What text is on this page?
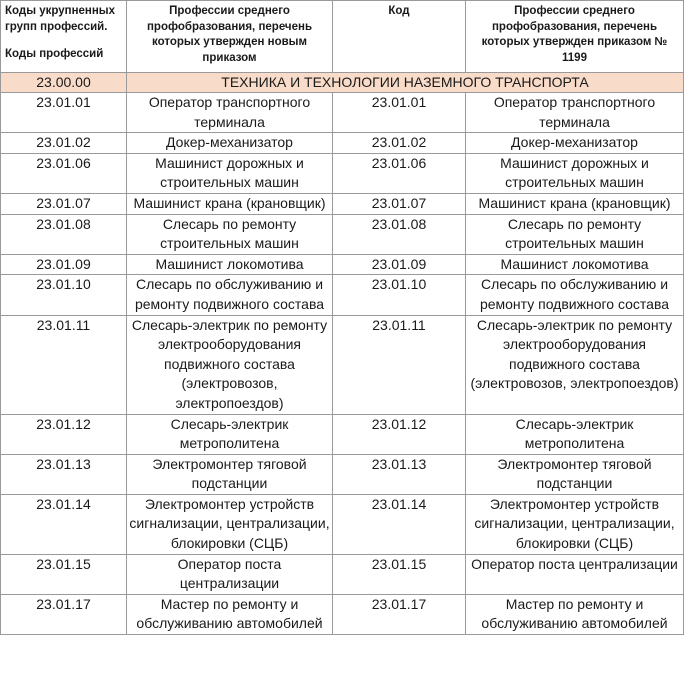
Коды укрупненных групп профессий.
Коды профессий	Профессии среднего профобразования, перечень которых утвержден новым приказом	Код	Профессии среднего профобразования, перечень которых утвержден приказом № 1199
23.00.00	ТЕХНИКА И ТЕХНОЛОГИИ НАЗЕМНОГО ТРАНСПОРТА		
23.01.01	Оператор транспортного терминала	23.01.01	Оператор транспортного терминала
23.01.02	Докер-механизатор	23.01.02	Докер-механизатор
23.01.06	Машинист дорожных и строительных машин	23.01.06	Машинист дорожных и строительных машин
23.01.07	Машинист крана (крановщик)	23.01.07	Машинист крана (крановщик)
23.01.08	Слесарь по ремонту строительных машин	23.01.08	Слесарь по ремонту строительных машин
23.01.09	Машинист локомотива	23.01.09	Машинист локомотива
23.01.10	Слесарь по обслуживанию и ремонту подвижного состава	23.01.10	Слесарь по обслуживанию и ремонту подвижного состава
23.01.11	Слесарь-электрик по ремонту электрооборудования подвижного состава (электровозов, электропоездов)	23.01.11	Слесарь-электрик по ремонту электрооборудования подвижного состава (электровозов, электропоездов)
23.01.12	Слесарь-электрик метрополитена	23.01.12	Слесарь-электрик метрополитена
23.01.13	Электромонтер тяговой подстанции	23.01.13	Электромонтер тяговой подстанции
23.01.14	Электромонтер устройств сигнализации, централизации, блокировки (СЦБ)	23.01.14	Электромонтер устройств сигнализации, централизации, блокировки (СЦБ)
23.01.15	Оператор поста централизации	23.01.15	Оператор поста централизации
23.01.17	Мастер по ремонту и обслуживанию автомобилей	23.01.17	Мастер по ремонту и обслуживанию автомобилей
